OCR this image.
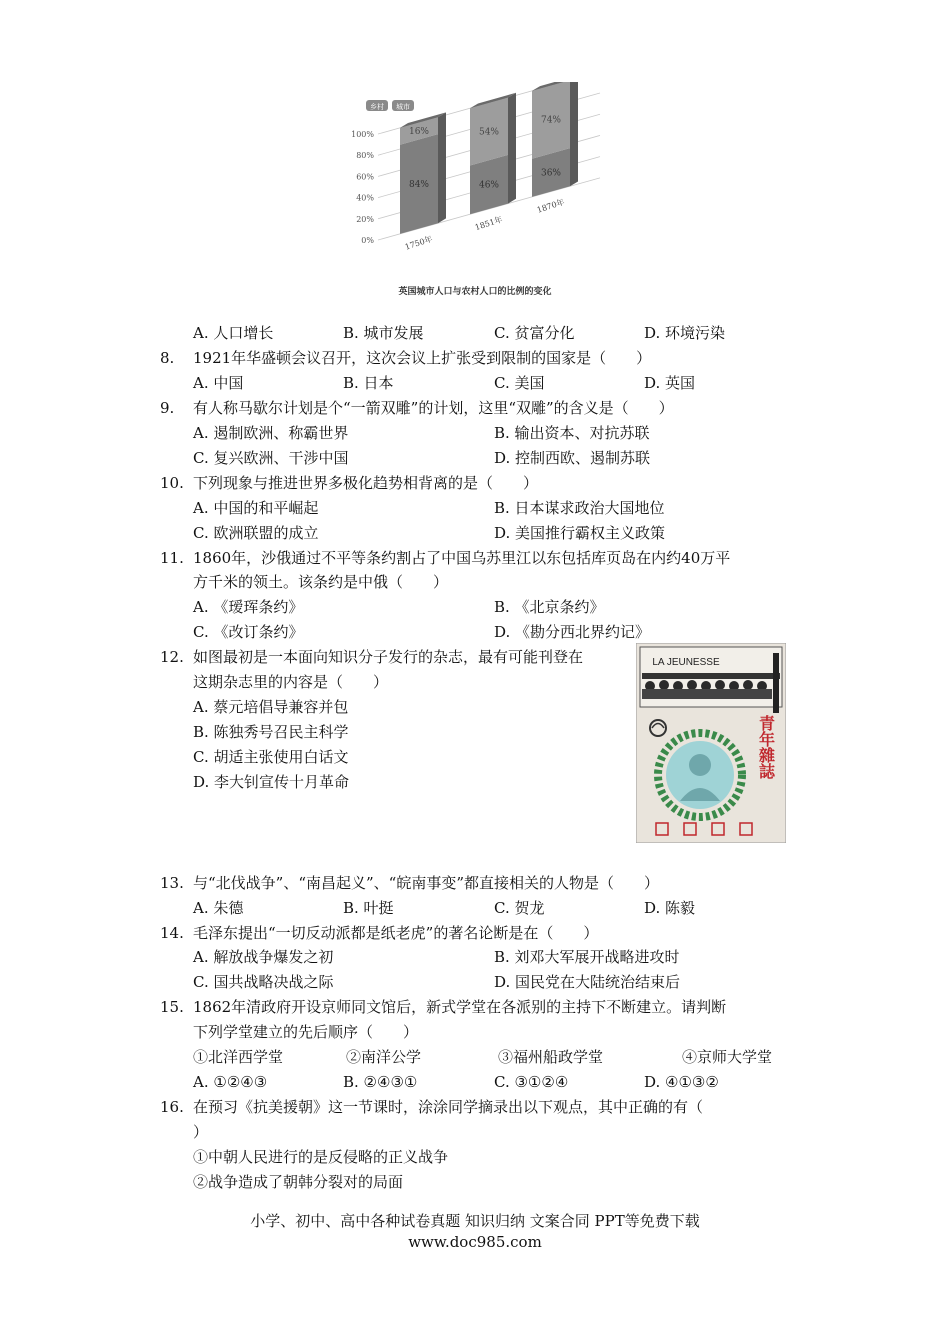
乡村 城市
100%
80%
60%
40%
20%
0%
16%
84%
1750年
54%
46%
1851年
74%
36%
1870年
英国城市人口与农村人口的比例的变化
A. 人口增长	B. 城市发展	C. 贫富分化	D. 环境污染
8.	1921年华盛顿会议召开，这次会议上扩张受到限制的国家是（　　）
A. 中国	B. 日本	C. 美国	D. 英国
9.	有人称马歇尔计划是个“一箭双雕”的计划，这里“双雕”的含义是（　　）
A. 遏制欧洲、称霸世界	B. 输出资本、对抗苏联
C. 复兴欧洲、干涉中国	D. 控制西欧、遏制苏联
10. 下列现象与推进世界多极化趋势相背离的是（　　）
A. 中国的和平崛起	B. 日本谋求政治大国地位
C. 欧洲联盟的成立	D. 美国推行霸权主义政策
11. 1860年，沙俄通过不平等条约割占了中国乌苏里江以东包括库页岛在内约40万平
方千米的领土。该条约是中俄（　　）
A. 《瑷珲条约》	B. 《北京条约》
C. 《改订条约》	D. 《勘分西北界约记》
12. 如图最初是一本面向知识分子发行的杂志，最有可能刊登在
这期杂志里的内容是（　　）
A. 蔡元培倡导兼容并包
B. 陈独秀号召民主科学
C. 胡适主张使用白话文
D. 李大钊宣传十月革命
LA JEUNESSE
青年雜誌
13. 与“北伐战争”、“南昌起义”、“皖南事变”都直接相关的人物是（　　）
A. 朱德	B. 叶挺	C. 贺龙	D. 陈毅
14. 毛泽东提出“一切反动派都是纸老虎”的著名论断是在（　　）
A. 解放战争爆发之初	B. 刘邓大军展开战略进攻时
C. 国共战略决战之际	D. 国民党在大陆统治结束后
15. 1862年清政府开设京师同文馆后，新式学堂在各派别的主持下不断建立。请判断
下列学堂建立的先后顺序（　　）
①北洋西学堂	②南洋公学	③福州船政学堂	④京师大学堂
A. ①②④③	B. ②④③①	C. ③①②④	D. ④①③②
16. 在预习《抗美援朝》这一节课时，涂涂同学摘录出以下观点，其中正确的有（
）
①中朝人民进行的是反侵略的正义战争
②战争造成了朝韩分裂对的局面
小学、初中、高中各种试卷真题 知识归纳 文案合同 PPT等免费下载
www.doc985.com
